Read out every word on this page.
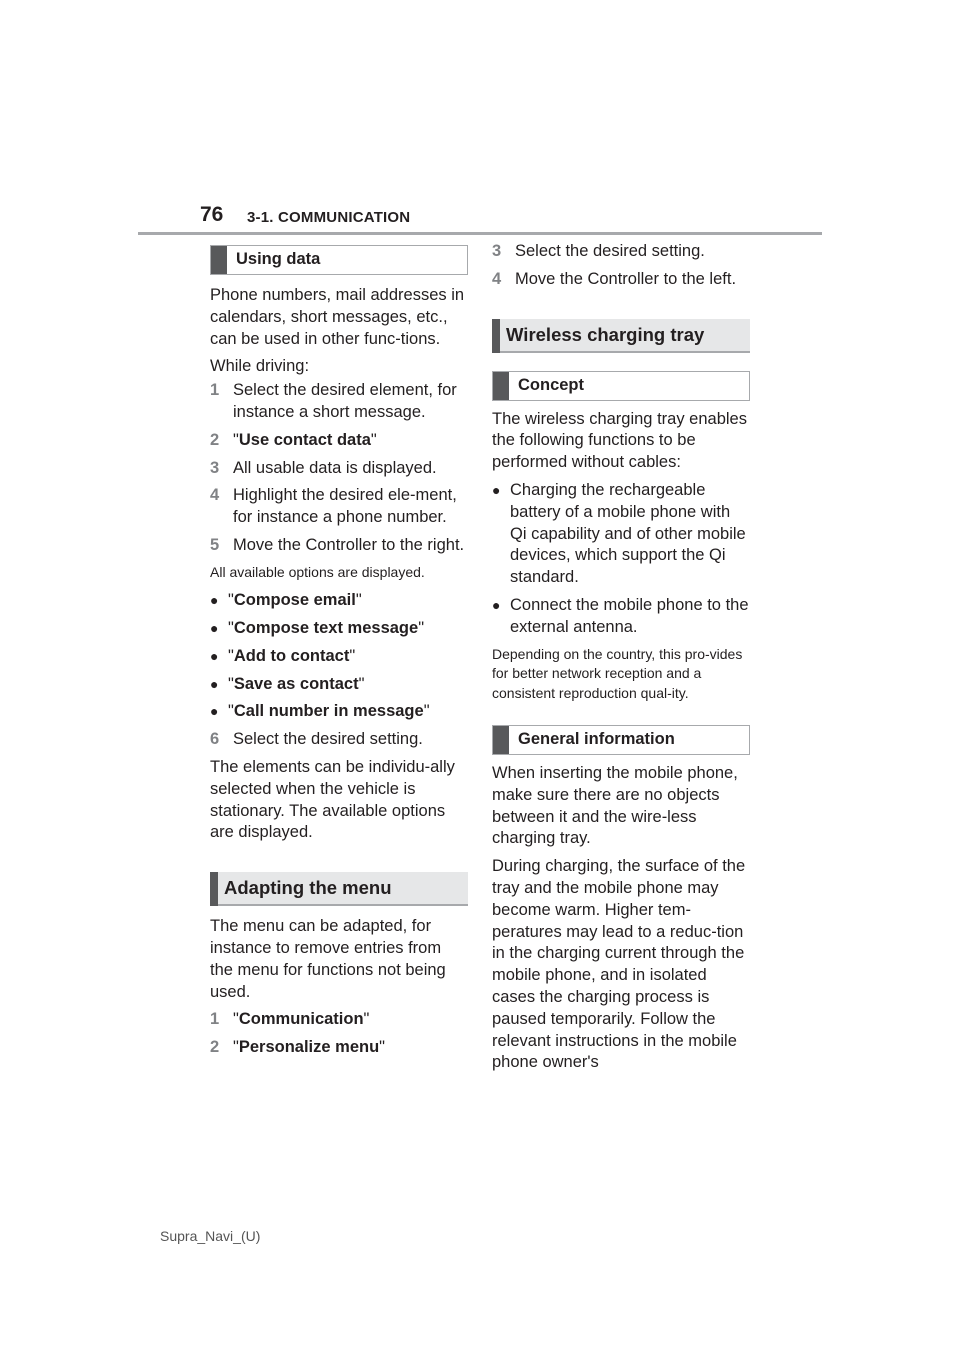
76 3-1. COMMUNICATION
Using data

Phone numbers, mail addresses in calendars, short messages, etc., can be used in other func-tions.

While driving:

1 Select the desired element, for instance a short message.
2 "Use contact data"
3 All usable data is displayed.
4 Highlight the desired ele-ment, for instance a phone number.
5 Move the Controller to the right.

All available options are displayed.

● "Compose email"
● "Compose text message"
● "Add to contact"
● "Save as contact"
● "Call number in message"
6 Select the desired setting.

The elements can be individu-ally selected when the vehicle is stationary. The available options are displayed.

Adapting the menu

The menu can be adapted, for instance to remove entries from the menu for functions not being used.

1 "Communication"
2 "Personalize menu"
3 Select the desired setting.
4 Move the Controller to the left.
Wireless charging tray
Concept

The wireless charging tray enables the following functions to be performed without cables:

● Charging the rechargeable battery of a mobile phone with Qi capability and of other mobile devices, which support the Qi standard.
● Connect the mobile phone to the external antenna.

Depending on the country, this pro-vides for better network reception and a consistent reproduction qual-ity.

General information

When inserting the mobile phone, make sure there are no objects between it and the wire-less charging tray.

During charging, the surface of the tray and the mobile phone may become warm. Higher tem-peratures may lead to a reduc-tion in the charging current through the mobile phone, and in isolated cases the charging process is paused temporarily. Follow the relevant instructions in the mobile phone owner's

Supra_Navi_(U)
